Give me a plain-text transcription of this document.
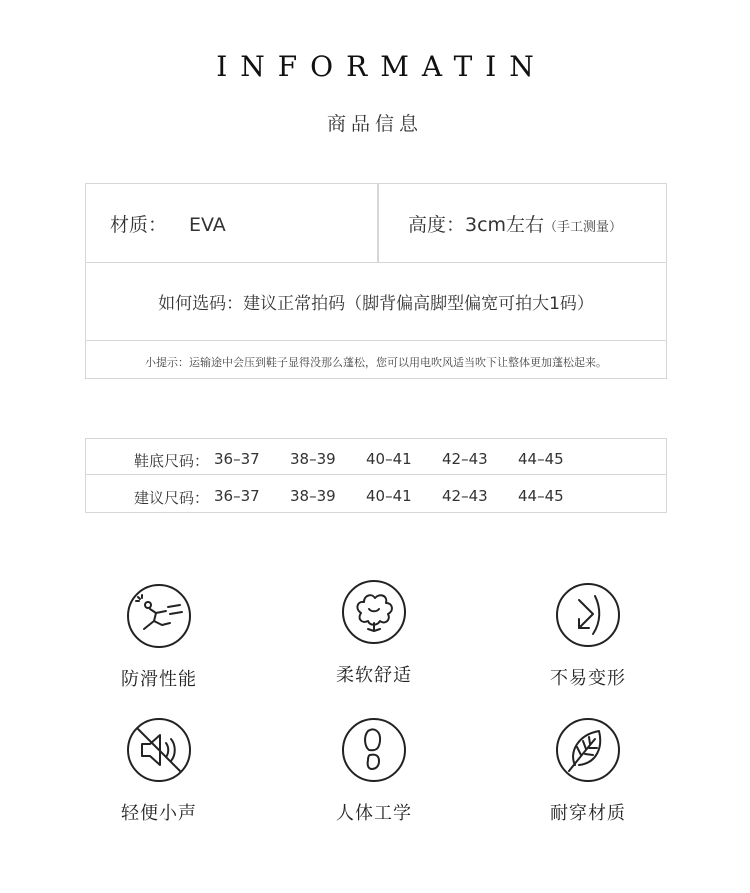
INFORMATIN
商品信息
材质： EVA	高度：3cm左右（手工测量）
如何选码：建议正常拍码（脚背偏高脚型偏宽可拍大1码）
小提示：运输途中会压到鞋子显得没那么蓬松，您可以用电吹风适当吹下让整体更加蓬松起来。
鞋底尺码： 36–37 38–39 40–41 42–43 44–45
建议尺码： 36–37 38–39 40–41 42–43 44–45
防滑性能	柔软舒适	不易变形
轻便小声	人体工学	耐穿材质
